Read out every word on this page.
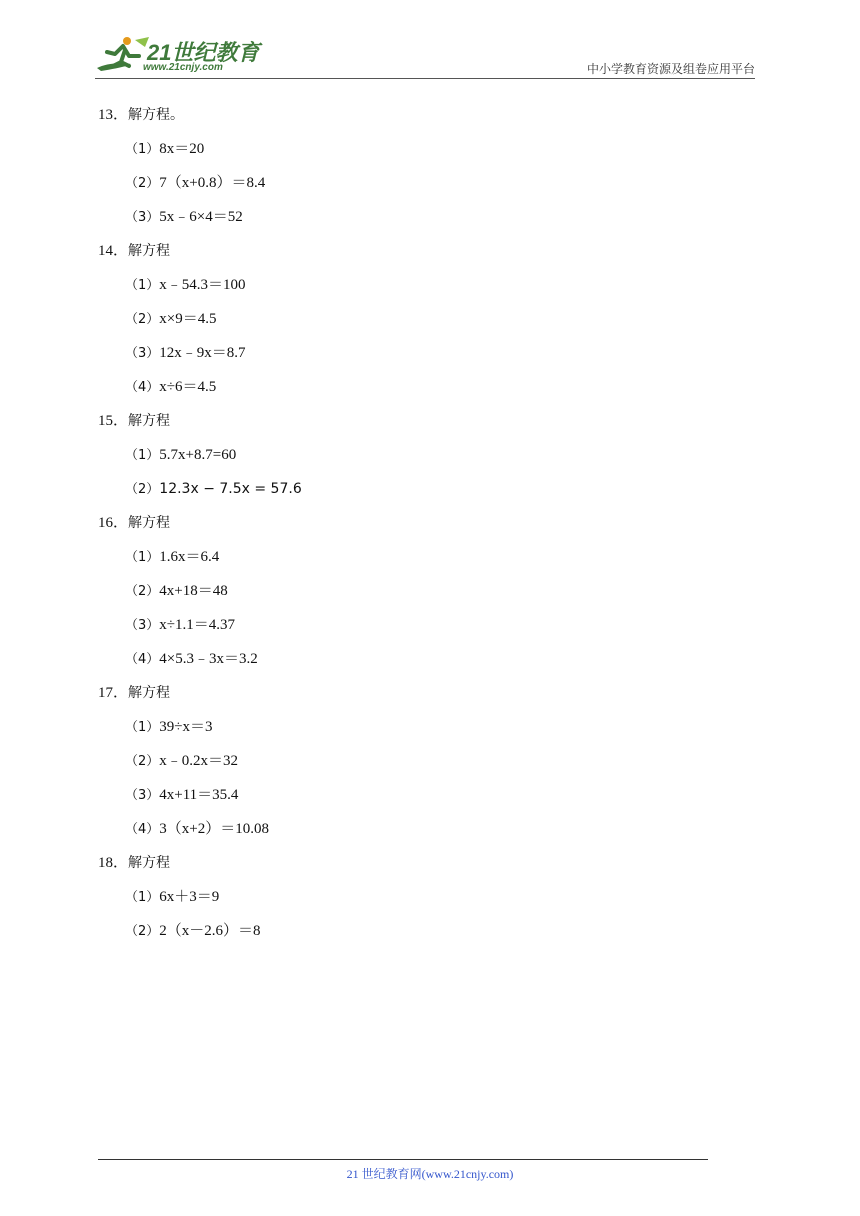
21世纪教育
www.21cnjy.com	中小学教育资源及组卷应用平台
13．解方程。
（1）8x＝20
（2）7（x+0.8）＝8.4
（3）5x﹣6×4＝52
14．解方程
（1）x﹣54.3＝100
（2）x×9＝4.5
（3）12x﹣9x＝8.7
（4）x÷6＝4.5
15．解方程
（1）5.7x+8.7=60
（2）12.3x − 7.5x = 57.6
16．解方程
（1）1.6x＝6.4
（2）4x+18＝48
（3）x÷1.1＝4.37
（4）4×5.3﹣3x＝3.2
17．解方程
（1）39÷x＝3
（2）x﹣0.2x＝32
（3）4x+11＝35.4
（4）3（x+2）＝10.08
18．解方程
（1）6x＋3＝9
（2）2（x－2.6）＝8
21 世纪教育网(www.21cnjy.com)
